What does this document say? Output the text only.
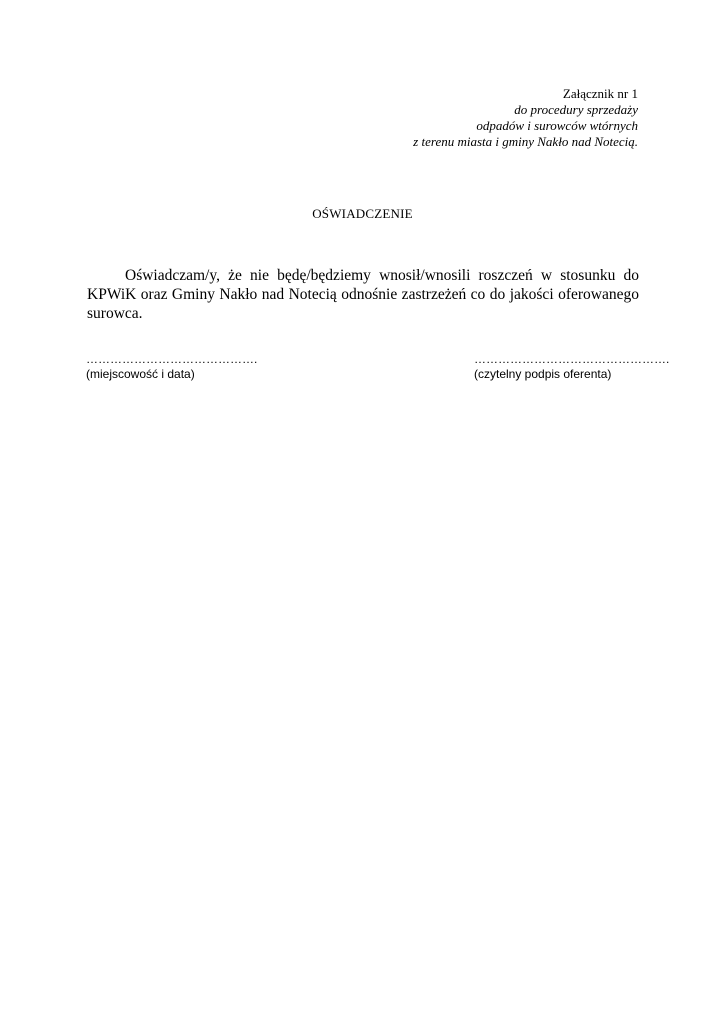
Załącznik nr 1
do procedury sprzedaży
odpadów i surowców wtórnych
z terenu miasta i gminy Nakło nad Notecią.
OŚWIADCZENIE
Oświadczam/y, że nie będę/będziemy wnosił/wnosili roszczeń w stosunku do KPWiK oraz Gminy Nakło nad Notecią odnośnie zastrzeżeń co do jakości oferowanego surowca.
…………………………………….
(miejscowość i data)
………………………………………….
(czytelny podpis oferenta)
